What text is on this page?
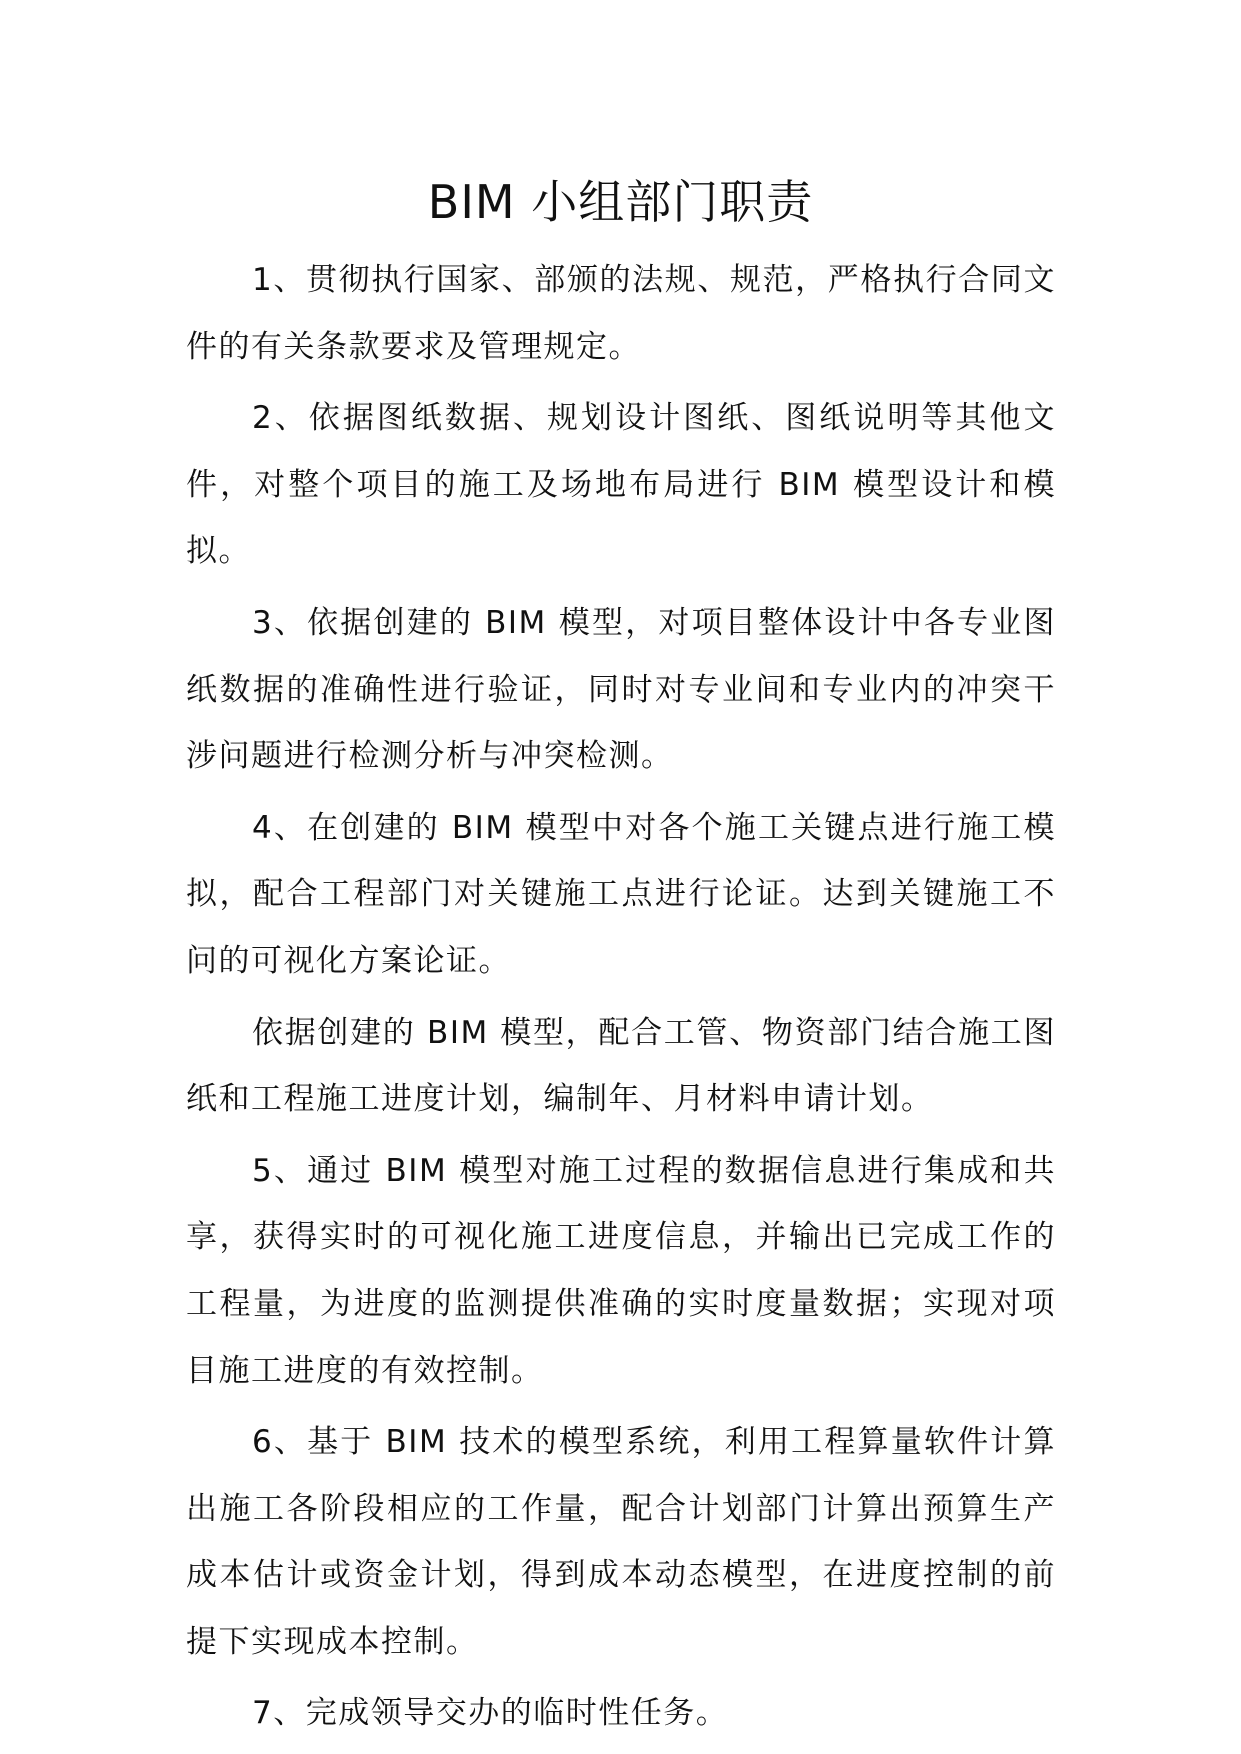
BIM 小组部门职责

1、贯彻执行国家、部颁的法规、规范，严格执行合同文件的有关条款要求及管理规定。

2、依据图纸数据、规划设计图纸、图纸说明等其他文件，对整个项目的施工及场地布局进行 BIM 模型设计和模拟。

3、依据创建的 BIM 模型，对项目整体设计中各专业图纸数据的准确性进行验证，同时对专业间和专业内的冲突干涉问题进行检测分析与冲突检测。

4、在创建的 BIM 模型中对各个施工关键点进行施工模拟，配合工程部门对关键施工点进行论证。达到关键施工不问的可视化方案论证。

依据创建的 BIM 模型，配合工管、物资部门结合施工图纸和工程施工进度计划，编制年、月材料申请计划。

5、通过 BIM 模型对施工过程的数据信息进行集成和共享，获得实时的可视化施工进度信息，并输出已完成工作的工程量，为进度的监测提供准确的实时度量数据；实现对项目施工进度的有效控制。

6、基于 BIM 技术的模型系统，利用工程算量软件计算出施工各阶段相应的工作量，配合计划部门计算出预算生产成本估计或资金计划，得到成本动态模型，在进度控制的前提下实现成本控制。

7、完成领导交办的临时性任务。
